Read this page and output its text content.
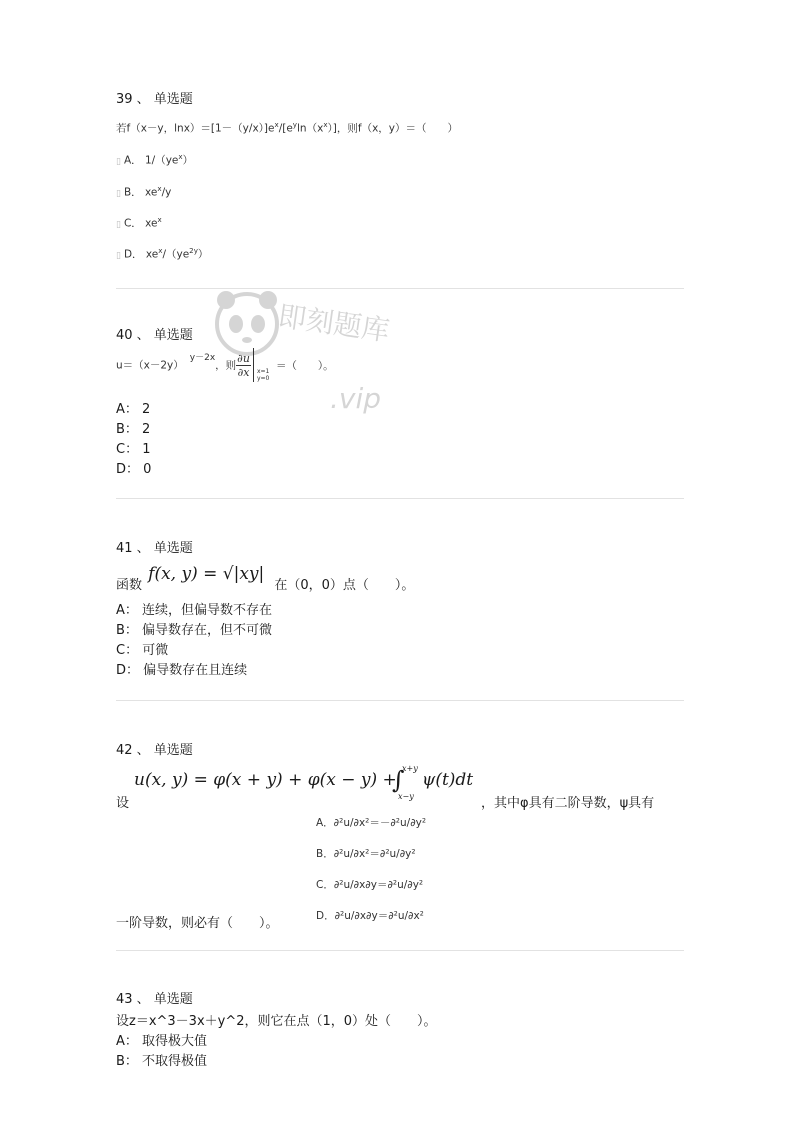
即刻题库
.vip
39 、 单选题
若f（x－y，$\ln x)=[1-(y/x)]e^x/[e^y\ln(x^x)]$，则f（x，y）＝（　　）
▯ A． $1/(ye^x)$
▯ B． $xe^x/y$
▯ C． $xe^x$
▯ D． $xe^x/(ye^{2y})$
40 、 单选题
u＝（x－2y）y－2x，则 $\frac{\partial u}{\partial x} x=1$
y=0
＝（　　）。
A： 2
B： 2
C： 1
D： 0
41 、 单选题
函数 f(x, y) = √|xy| 在（0，0）点（　　）。
A： 连续，但偏导数不存在
B： 偏导数存在，但不可微
C： 可微
D： 偏导数存在且连续
42 、 单选题
设
u(x, y) = φ(x + y) + φ(x − y) +
∫
x+y
x−y
ψ(t)dt
，其中φ具有二阶导数，ψ具有
A．∂²u/∂x²＝－∂²u/∂y²
B．∂²u/∂x²＝∂²u/∂y²
C．∂²u/∂x∂y＝∂²u/∂y²
一阶导数，则必有（　　）。	D．∂²u/∂x∂y＝∂²u/∂x²
43 、 单选题
设z＝x^3－3x＋y^2，则它在点（1，0）处（　　）。
A： 取得极大值
B： 不取得极值
